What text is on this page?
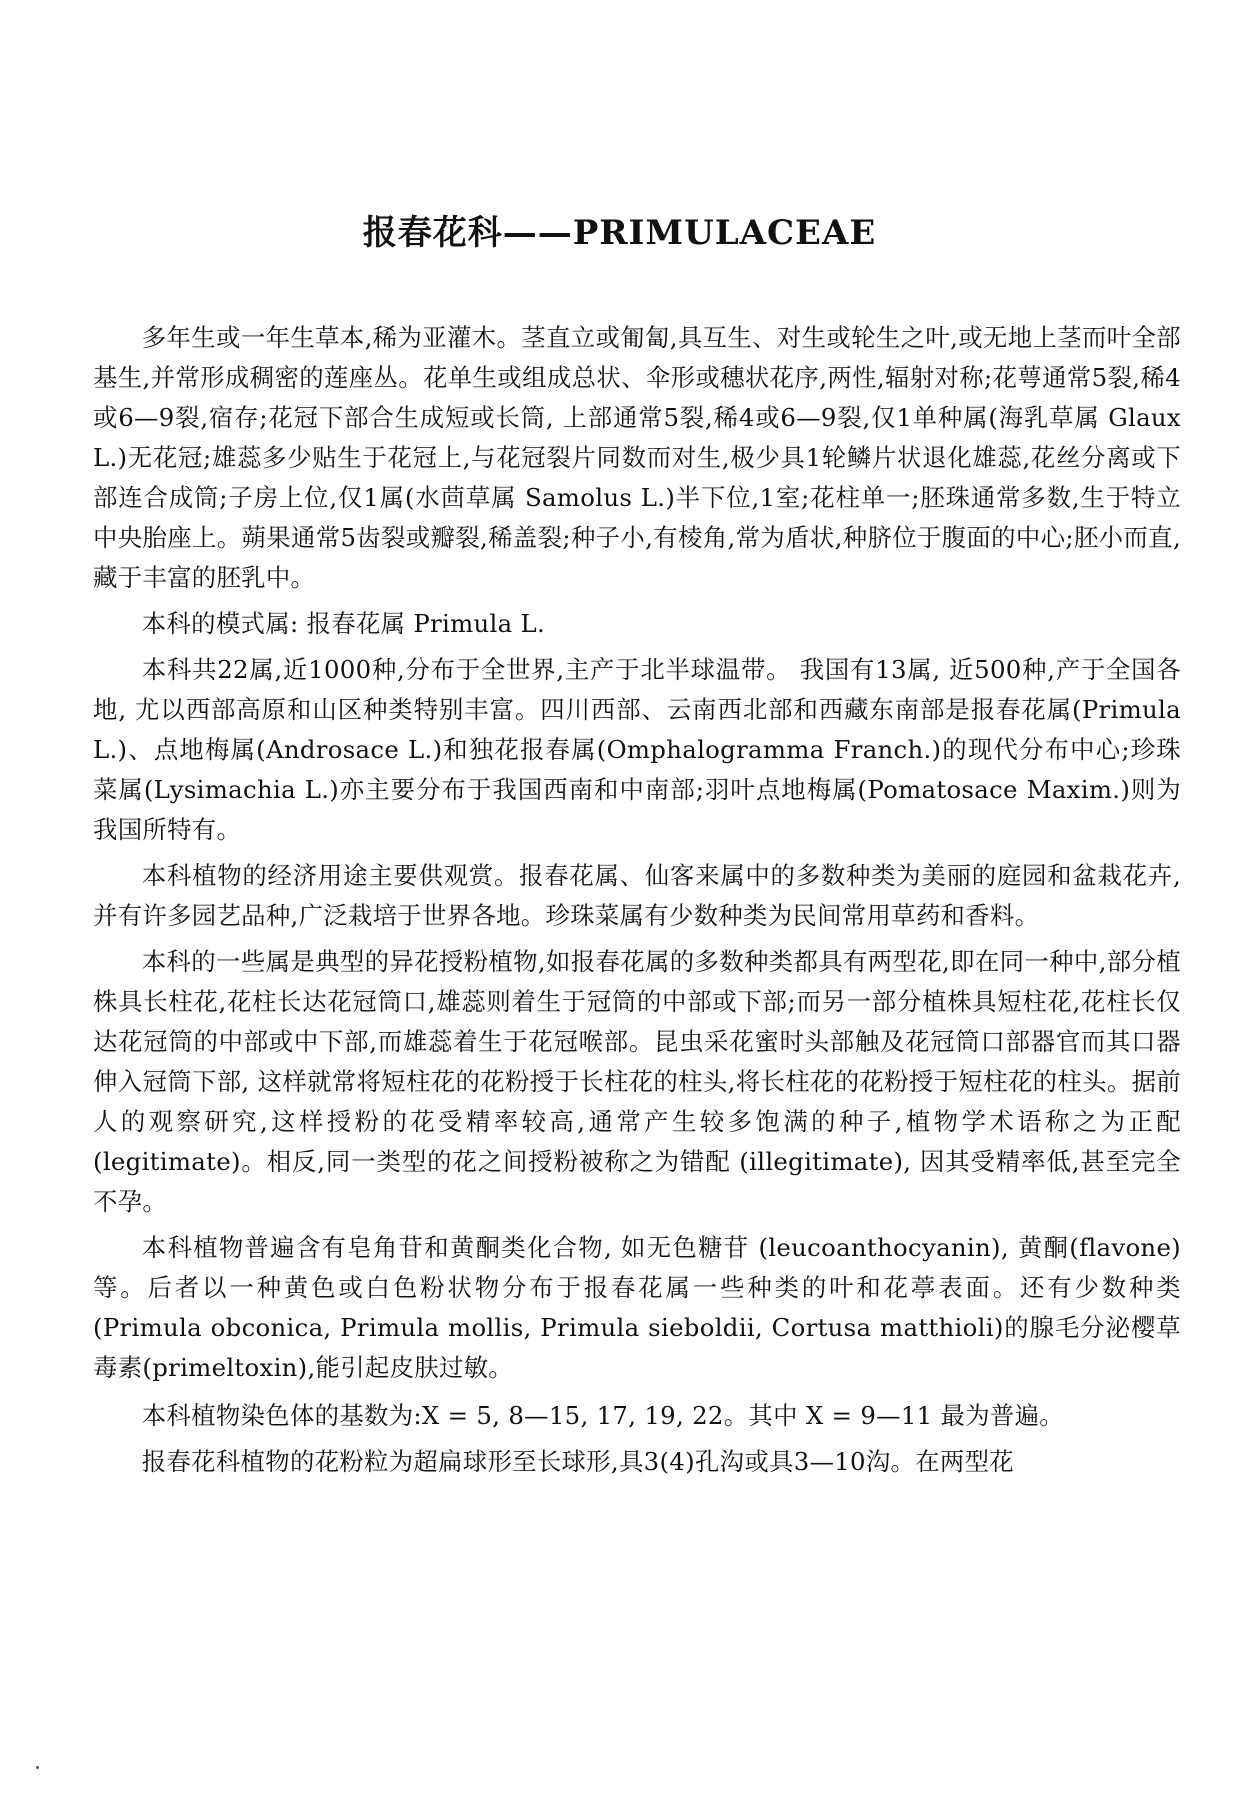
报春花科——PRIMULACEAE

多年生或一年生草本,稀为亚灌木。茎直立或匍匐,具互生、对生或轮生之叶,或无地上茎而叶全部基生,并常形成稠密的莲座丛。花单生或组成总状、伞形或穗状花序,两性,辐射对称;花萼通常5裂,稀4或6—9裂,宿存;花冠下部合生成短或长筒, 上部通常5裂,稀4或6—9裂,仅1单种属(海乳草属 Glaux L.)无花冠;雄蕊多少贴生于花冠上,与花冠裂片同数而对生,极少具1轮鳞片状退化雄蕊,花丝分离或下部连合成筒;子房上位,仅1属(水茴草属 Samolus L.)半下位,1室;花柱单一;胚珠通常多数,生于特立中央胎座上。蒴果通常5齿裂或瓣裂,稀盖裂;种子小,有棱角,常为盾状,种脐位于腹面的中心;胚小而直,藏于丰富的胚乳中。

本科的模式属: 报春花属 Primula L.

本科共22属,近1000种,分布于全世界,主产于北半球温带。 我国有13属, 近500种,产于全国各地, 尤以西部高原和山区种类特别丰富。四川西部、云南西北部和西藏东南部是报春花属(Primula L.)、点地梅属(Androsace L.)和独花报春属(Omphalogramma Franch.)的现代分布中心;珍珠菜属(Lysimachia L.)亦主要分布于我国西南和中南部;羽叶点地梅属(Pomatosace Maxim.)则为我国所特有。

本科植物的经济用途主要供观赏。报春花属、仙客来属中的多数种类为美丽的庭园和盆栽花卉,并有许多园艺品种,广泛栽培于世界各地。珍珠菜属有少数种类为民间常用草药和香料。

本科的一些属是典型的异花授粉植物,如报春花属的多数种类都具有两型花,即在同一种中,部分植株具长柱花,花柱长达花冠筒口,雄蕊则着生于冠筒的中部或下部;而另一部分植株具短柱花,花柱长仅达花冠筒的中部或中下部,而雄蕊着生于花冠喉部。昆虫采花蜜时头部触及花冠筒口部器官而其口器伸入冠筒下部, 这样就常将短柱花的花粉授于长柱花的柱头,将长柱花的花粉授于短柱花的柱头。据前人的观察研究,这样授粉的花受精率较高,通常产生较多饱满的种子,植物学术语称之为正配 (legitimate)。相反,同一类型的花之间授粉被称之为错配 (illegitimate), 因其受精率低,甚至完全不孕。

本科植物普遍含有皂角苷和黄酮类化合物, 如无色糖苷 (leucoanthocyanin), 黄酮(flavone)等。后者以一种黄色或白色粉状物分布于报春花属一些种类的叶和花葶表面。还有少数种类 (Primula obconica, Primula mollis, Primula sieboldii, Cortusa matthioli)的腺毛分泌樱草毒素(primeltoxin),能引起皮肤过敏。

本科植物染色体的基数为:X = 5, 8—15, 17, 19, 22。其中 X = 9—11 最为普遍。

报春花科植物的花粉粒为超扁球形至长球形,具3(4)孔沟或具3—10沟。在两型花
